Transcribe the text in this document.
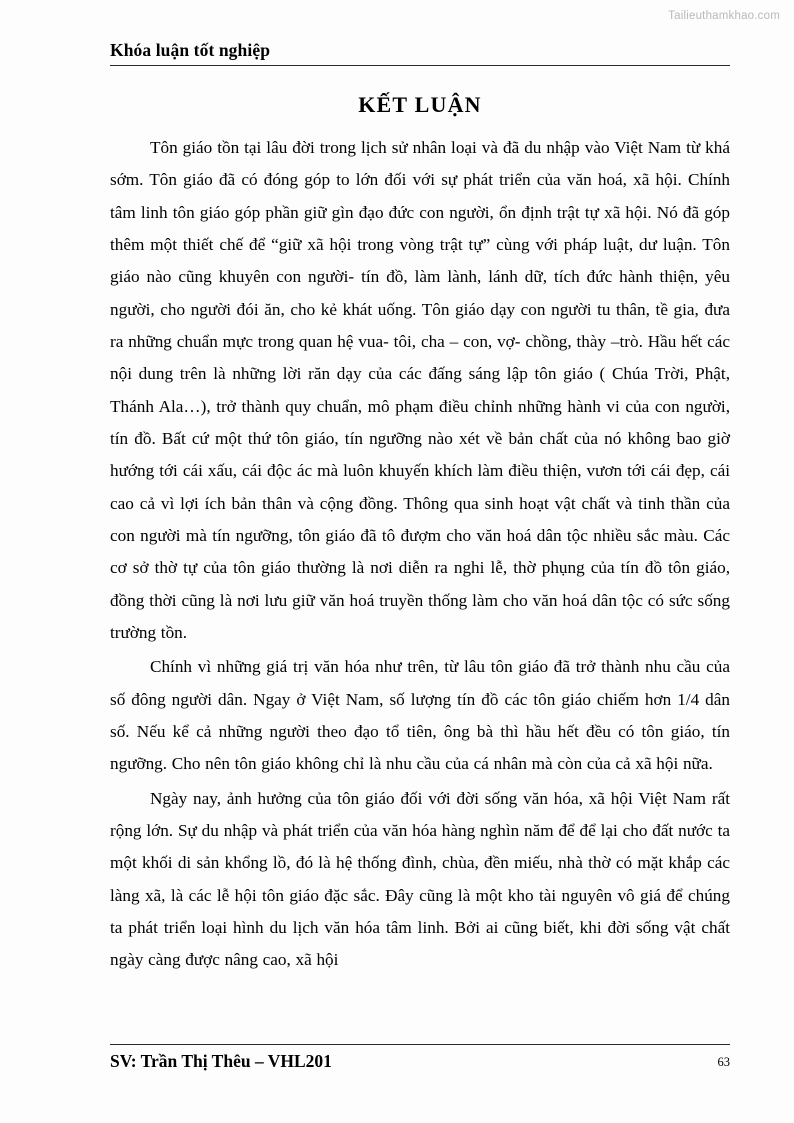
Tailieuthamkhao.com
Khóa luận tốt nghiệp
KẾT LUẬN

Tôn giáo tồn tại lâu đời trong lịch sử nhân loại và đã du nhập vào Việt Nam từ khá sớm. Tôn giáo đã có đóng góp to lớn đối với sự phát triển của văn hoá, xã hội. Chính tâm linh tôn giáo góp phần giữ gìn đạo đức con người, ổn định trật tự xã hội. Nó đã góp thêm một thiết chế để “giữ xã hội trong vòng trật tự” cùng với pháp luật, dư luận. Tôn giáo nào cũng khuyên con người- tín đồ, làm lành, lánh dữ, tích đức hành thiện, yêu người, cho người đói ăn, cho kẻ khát uống. Tôn giáo dạy con người tu thân, tề gia, đưa ra những chuẩn mực trong quan hệ vua- tôi, cha – con, vợ- chồng, thày –trò. Hầu hết các nội dung trên là những lời răn dạy của các đấng sáng lập tôn giáo ( Chúa Trời, Phật, Thánh Ala…), trở thành quy chuẩn, mô phạm điều chỉnh những hành vi của con người, tín đồ. Bất cứ một thứ tôn giáo, tín ngưỡng nào xét về bản chất của nó không bao giờ hướng tới cái xấu, cái độc ác mà luôn khuyến khích làm điều thiện, vươn tới cái đẹp, cái cao cả vì lợi ích bản thân và cộng đồng. Thông qua sinh hoạt vật chất và tinh thần của con người mà tín ngưỡng, tôn giáo đã tô đượm cho văn hoá dân tộc nhiều sắc màu. Các cơ sở thờ tự của tôn giáo thường là nơi diễn ra nghi lễ, thờ phụng của tín đồ tôn giáo, đồng thời cũng là nơi lưu giữ văn hoá truyền thống làm cho văn hoá dân tộc có sức sống trường tồn.

Chính vì những giá trị văn hóa như trên, từ lâu tôn giáo đã trở thành nhu cầu của số đông người dân. Ngay ở Việt Nam, số lượng tín đồ các tôn giáo chiếm hơn 1/4 dân số. Nếu kể cả những người theo đạo tổ tiên, ông bà thì hầu hết đều có tôn giáo, tín ngưỡng. Cho nên tôn giáo không chỉ là nhu cầu của cá nhân mà còn của cả xã hội nữa.

Ngày nay, ảnh hưởng của tôn giáo đối với đời sống văn hóa, xã hội Việt Nam rất rộng lớn. Sự du nhập và phát triển của văn hóa hàng nghìn năm để để lại cho đất nước ta một khối di sản khổng lồ, đó là hệ thống đình, chùa, đền miếu, nhà thờ có mặt khắp các làng xã, là các lễ hội tôn giáo đặc sắc. Đây cũng là một kho tài nguyên vô giá để chúng ta phát triển loại hình du lịch văn hóa tâm linh. Bởi ai cũng biết, khi đời sống vật chất ngày càng được nâng cao, xã hội

SV: Trần Thị Thêu – VHL201	63
